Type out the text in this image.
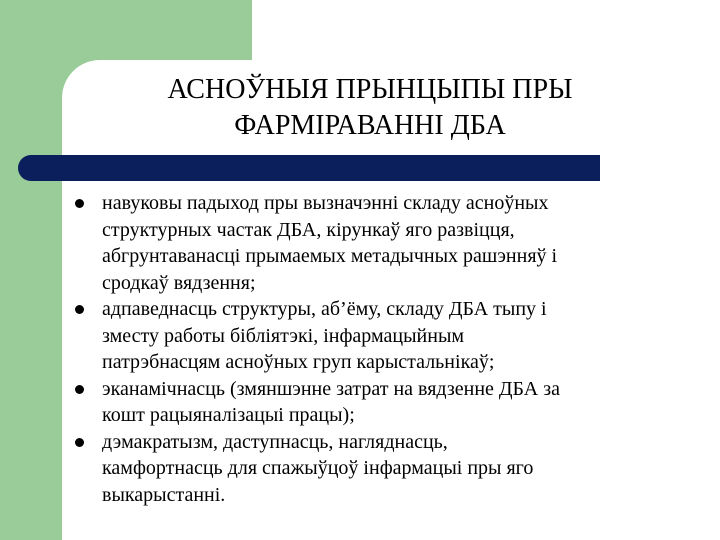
АСНОЎНЫЯ ПРЫНЦЫПЫ ПРЫ
ФАРМІРАВАННІ ДБА
навуковы падыход пры вызначэнні складу асноўных
структурных частак ДБА, кірункаў яго развіцця,
абгрунтаванасці прымаемых метадычных рашэнняў і
сродкаў вядзення;
адпаведнасць структуры, аб’ёму, складу ДБА тыпу і
зместу работы бібліятэкі, інфармацыйным
патрэбнасцям асноўных груп карыстальнікаў;
эканамічнасць (змяншэнне затрат на вядзенне ДБА за
кошт рацыяналізацыі працы);
дэмакратызм, даступнасць, нагляднасць,
камфортнасць для спажыўцоў інфармацыі пры яго
выкарыстанні.
